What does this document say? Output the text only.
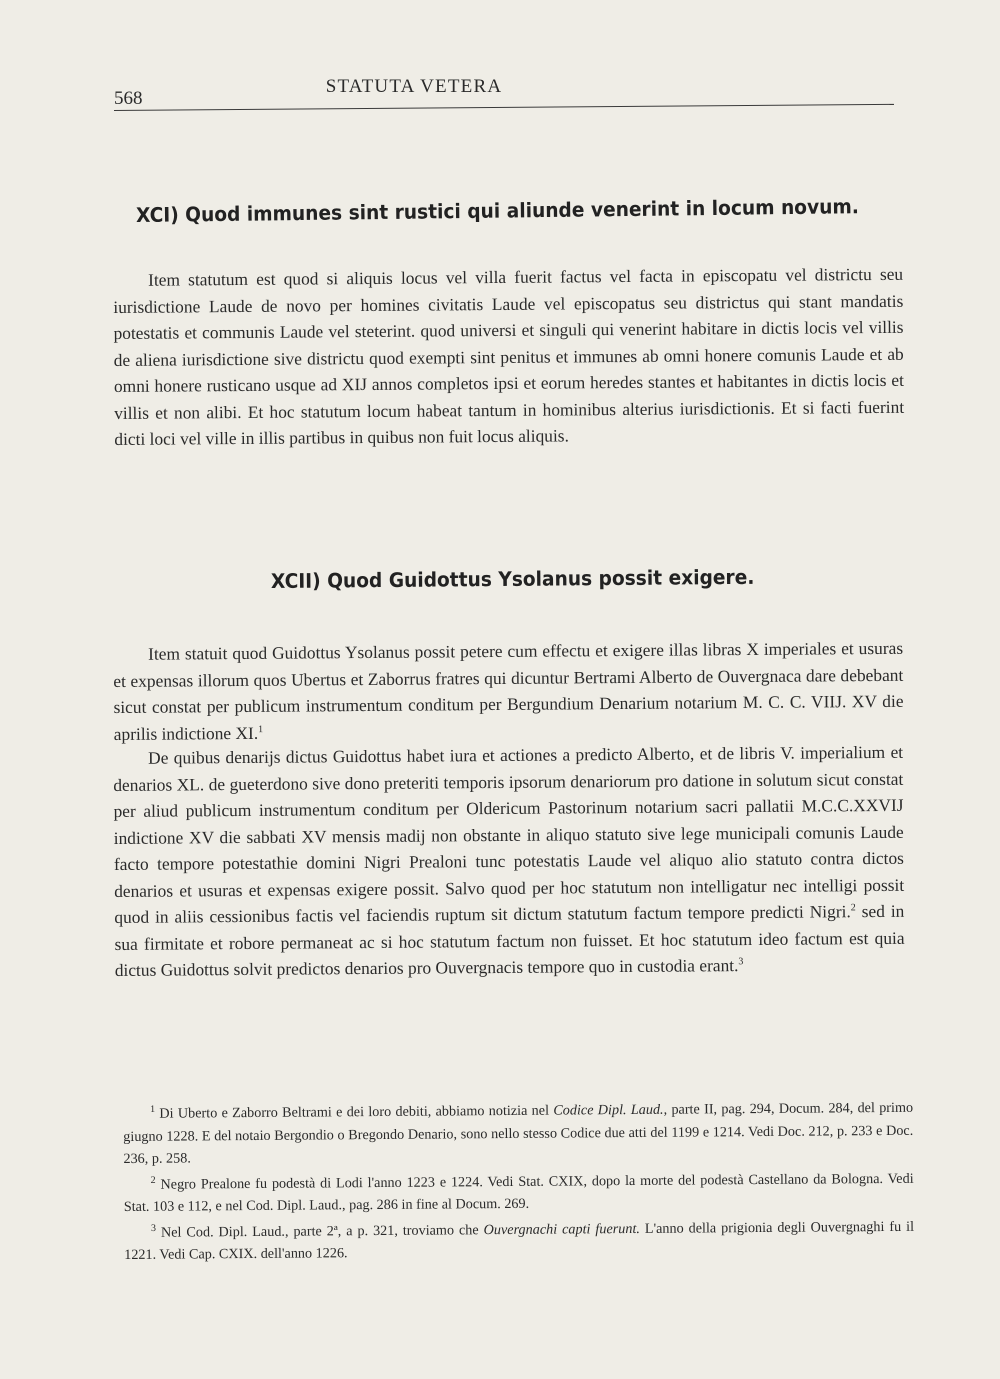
568
STATUTA VETERA
XCI) Quod immunes sint rustici qui aliunde venerint in locum novum.

Item statutum est quod si aliquis locus vel villa fuerit factus vel facta in episcopatu vel districtu seu iurisdictione Laude de novo per homines civitatis Laude vel episcopatus seu districtus qui stant mandatis potestatis et communis Laude vel steterint. quod universi et singuli qui venerint habitare in dictis locis vel villis de aliena iurisdictione sive districtu quod exempti sint penitus et immunes ab omni honere comunis Laude et ab omni honere rusticano usque ad XIJ annos completos ipsi et eorum heredes stantes et habitantes in dictis locis et villis et non alibi. Et hoc statutum locum habeat tantum in hominibus alterius iurisdictionis. Et si facti fuerint dicti loci vel ville in illis partibus in quibus non fuit locus aliquis.

XCII) Quod Guidottus Ysolanus possit exigere.

Item statuit quod Guidottus Ysolanus possit petere cum effectu et exigere illas libras X imperiales et usuras et expensas illorum quos Ubertus et Zaborrus fratres qui dicuntur Bertrami Alberto de Ouvergnaca dare debebant sicut constat per publicum instrumentum conditum per Bergundium Denarium notarium M. C. C. VIIJ. XV die aprilis indictione XI.$^1$

De quibus denarijs dictus Guidottus habet iura et actiones a predicto Alberto, et de libris V. imperialium et denarios XL. de gueterdono sive dono preteriti temporis ipsorum denariorum pro datione in solutum sicut constat per aliud publicum instrumentum conditum per Oldericum Pastorinum notarium sacri pallatii M.C.C.XXVIJ indictione XV die sabbati XV mensis madij non obstante in aliquo statuto sive lege municipali comunis Laude facto tempore potestathie domini Nigri Prealoni tunc potestatis Laude vel aliquo alio statuto contra dictos denarios et usuras et expensas exigere possit. Salvo quod per hoc statutum non intelligatur nec intelligi possit quod in aliis cessionibus factis vel faciendis ruptum sit dictum statutum factum tempore predicti Nigri.$^2$ sed in sua firmitate et robore permaneat ac si hoc statutum factum non fuisset. Et hoc statutum ideo factum est quia dictus Guidottus solvit predictos denarios pro Ouvergnacis tempore quo in custodia erant.$^3$

$^1$ Di Uberto e Zaborro Beltrami e dei loro debiti, abbiamo notizia nel Codice Dipl. Laud., parte II, pag. 294, Docum. 284, del primo giugno 1228. E del notaio Bergondio o Bregondo Denario, sono nello stesso Codice due atti del 1199 e 1214. Vedi Doc. 212, p. 233 e Doc. 236, p. 258.

$^2$ Negro Prealone fu podestà di Lodi l'anno 1223 e 1224. Vedi Stat. CXIX, dopo la morte del podestà Castellano da Bologna. Vedi Stat. 103 e 112, e nel Cod. Dipl. Laud., pag. 286 in fine al Docum. 269.

$^3$ Nel Cod. Dipl. Laud., parte 2ª, a p. 321, troviamo che Ouvergnachi capti fuerunt. L'anno della prigionia degli Ouvergnaghi fu il 1221. Vedi Cap. CXIX. dell'anno 1226.
